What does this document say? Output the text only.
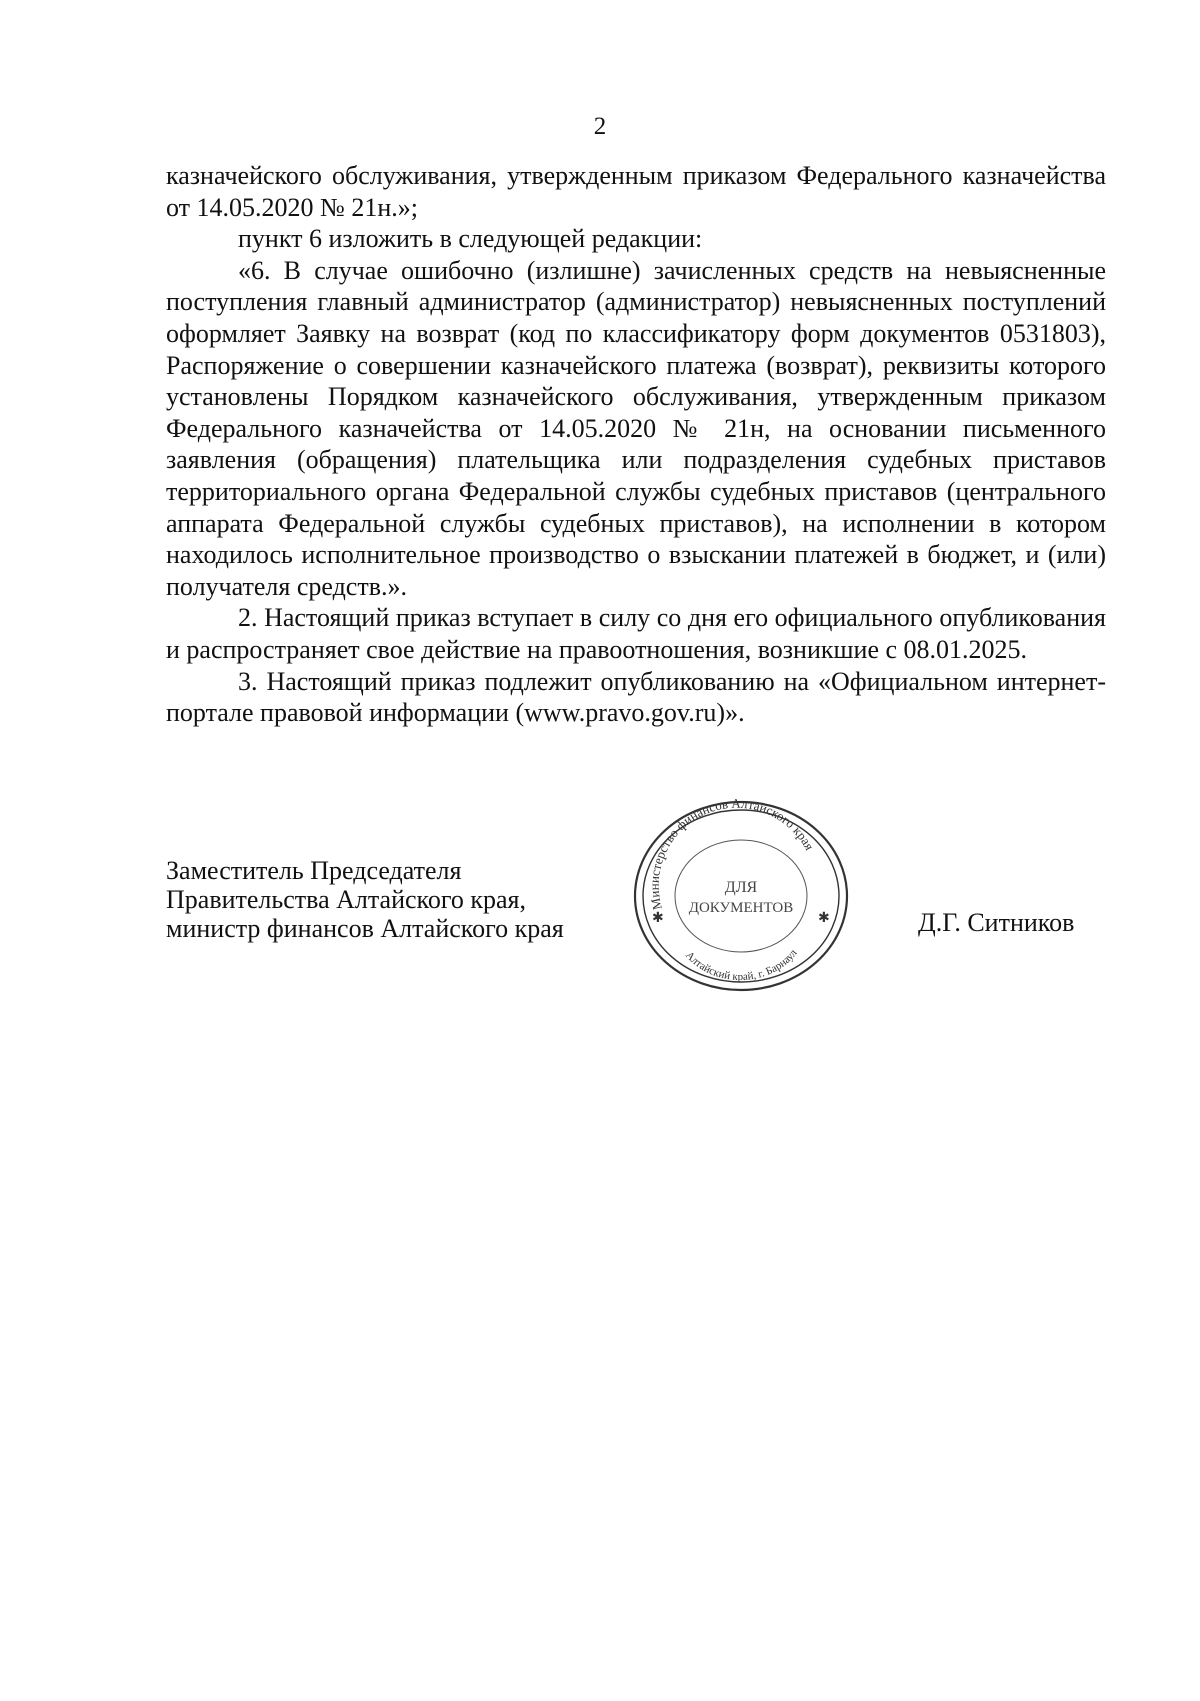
2

казначейского обслуживания, утвержденным приказом Федерального казначейства от 14.05.2020 № 21н.»;

пункт 6 изложить в следующей редакции:

«6. В случае ошибочно (излишне) зачисленных средств на невыясненные поступления главный администратор (администратор) невыясненных поступлений оформляет Заявку на возврат (код по классификатору форм документов 0531803), Распоряжение о совершении казначейского платежа (возврат), реквизиты которого установлены Порядком казначейского обслуживания, утвержденным приказом Федерального казначейства от 14.05.2020 № 21н, на основании письменного заявления (обращения) плательщика или подразделения судебных приставов территориального органа Федеральной службы судебных приставов (центрального аппарата Федеральной службы судебных приставов), на исполнении в котором находилось исполнительное производство о взыскании платежей в бюджет, и (или) получателя средств.».

2. Настоящий приказ вступает в силу со дня его официального опубликования и распространяет свое действие на правоотношения, возникшие с 08.01.2025.

3. Настоящий приказ подлежит опубликованию на «Официальном интернет-портале правовой информации (www.pravo.gov.ru)».

Заместитель Председателя
Правительства Алтайского края,
министр финансов Алтайского края
Министерство финансов Алтайского края
Алтайский край, г. Барнаул
ДЛЯ
ДОКУМЕНТОВ
✱	✱	Д.Г. Ситников
